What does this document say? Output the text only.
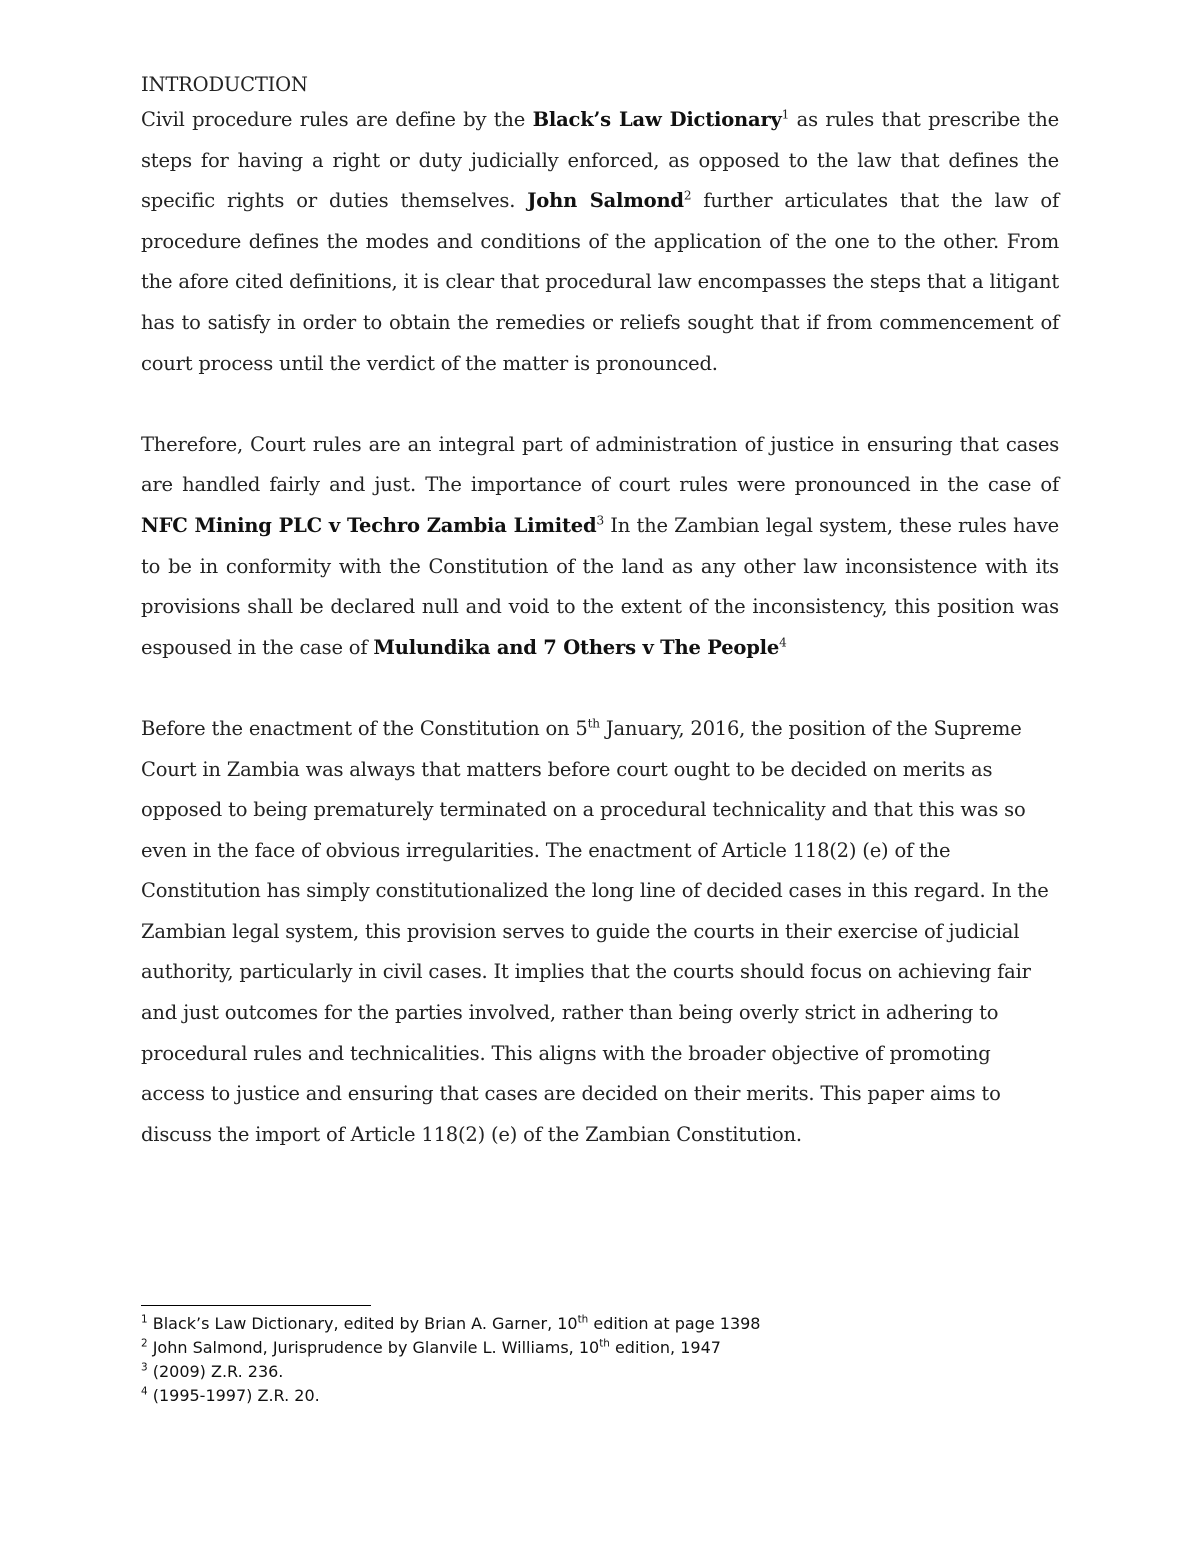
INTRODUCTION

Civil procedure rules are define by the Black’s Law Dictionary$^1$ as rules that prescribe the steps for having a right or duty judicially enforced, as opposed to the law that defines the specific rights or duties themselves. John Salmond$^2$ further articulates that the law of procedure defines the modes and conditions of the application of the one to the other. From the afore cited definitions, it is clear that procedural law encompasses the steps that a litigant has to satisfy in order to obtain the remedies or reliefs sought that if from commencement of court process until the verdict of the matter is pronounced.

Therefore, Court rules are an integral part of administration of justice in ensuring that cases are handled fairly and just. The importance of court rules were pronounced in the case of NFC Mining PLC v Techro Zambia Limited$^3$ In the Zambian legal system, these rules have to be in conformity with the Constitution of the land as any other law inconsistence with its provisions shall be declared null and void to the extent of the inconsistency, this position was espoused in the case of Mulundika and 7 Others v The People$^4$

Before the enactment of the Constitution on 5th January, 2016, the position of the Supreme Court in Zambia was always that matters before court ought to be decided on merits as opposed to being prematurely terminated on a procedural technicality and that this was so even in the face of obvious irregularities. The enactment of Article 118(2) (e) of the Constitution has simply constitutionalized the long line of decided cases in this regard. In the Zambian legal system, this provision serves to guide the courts in their exercise of judicial authority, particularly in civil cases. It implies that the courts should focus on achieving fair and just outcomes for the parties involved, rather than being overly strict in adhering to procedural rules and technicalities. This aligns with the broader objective of promoting access to justice and ensuring that cases are decided on their merits. This paper aims to discuss the import of Article 118(2) (e) of the Zambian Constitution.

$^1$ Black’s Law Dictionary, edited by Brian A. Garner, 10th edition at page 1398

$^2$ John Salmond, Jurisprudence by Glanvile L. Williams, 10th edition, 1947

$^3$ (2009) Z.R. 236.

$^4$ (1995-1997) Z.R. 20.
